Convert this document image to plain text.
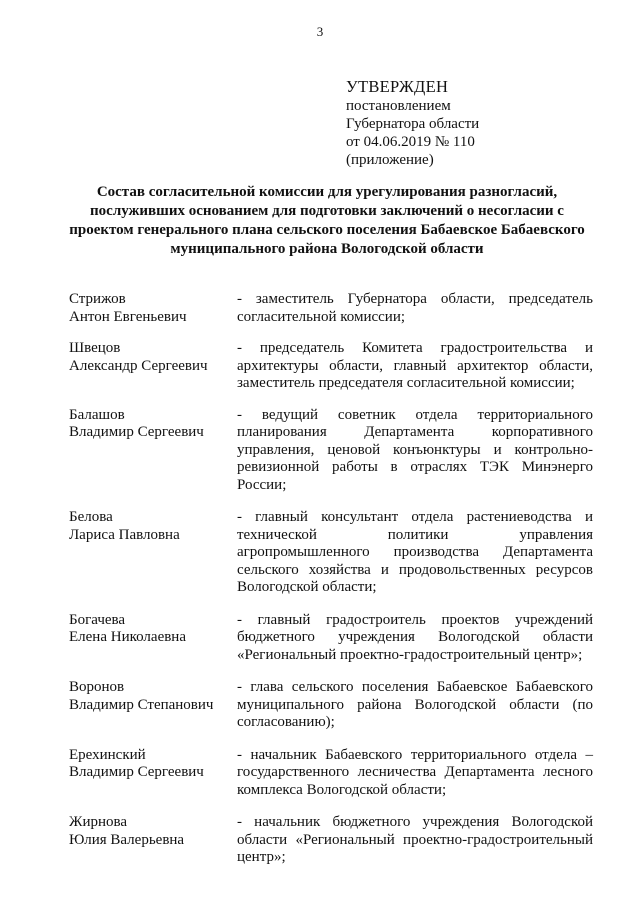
3
УТВЕРЖДЕН
постановлением
Губернатора области
от 04.06.2019 № 110
(приложение)
Состав согласительной комиссии для урегулирования разногласий,
послуживших основанием для подготовки заключений о несогласии с
проектом генерального плана сельского поселения Бабаевское Бабаевского
муниципального района Вологодской области
Стрижов
Антон Евгеньевич
- заместитель Губернатора области, председатель согласительной комиссии;
Швецов
Александр Сергеевич
- председатель Комитета градостроительства и архитектуры области, главный архитектор области, заместитель председателя согласительной комиссии;
Балашов
Владимир Сергеевич
- ведущий советник отдела территориального планирования Департамента корпоративного управления, ценовой конъюнктуры и контрольно-ревизионной работы в отраслях ТЭК Минэнерго России;
Белова
Лариса Павловна
- главный консультант отдела растениеводства и технической политики управления агропромышленного производства Департамента сельского хозяйства и продовольственных ресурсов Вологодской области;
Богачева
Елена Николаевна
- главный градостроитель проектов учреждений бюджетного учреждения Вологодской области «Региональный проектно-градостроительный центр»;
Воронов
Владимир Степанович
- глава сельского поселения Бабаевское Бабаевского муниципального района Вологодской области (по согласованию);
Ерехинский
Владимир Сергеевич
- начальник Бабаевского территориального отдела – государственного лесничества Департамента лесного комплекса Вологодской области;
Жирнова
Юлия Валерьевна
- начальник бюджетного учреждения Вологодской области «Региональный проектно-градостроительный центр»;
